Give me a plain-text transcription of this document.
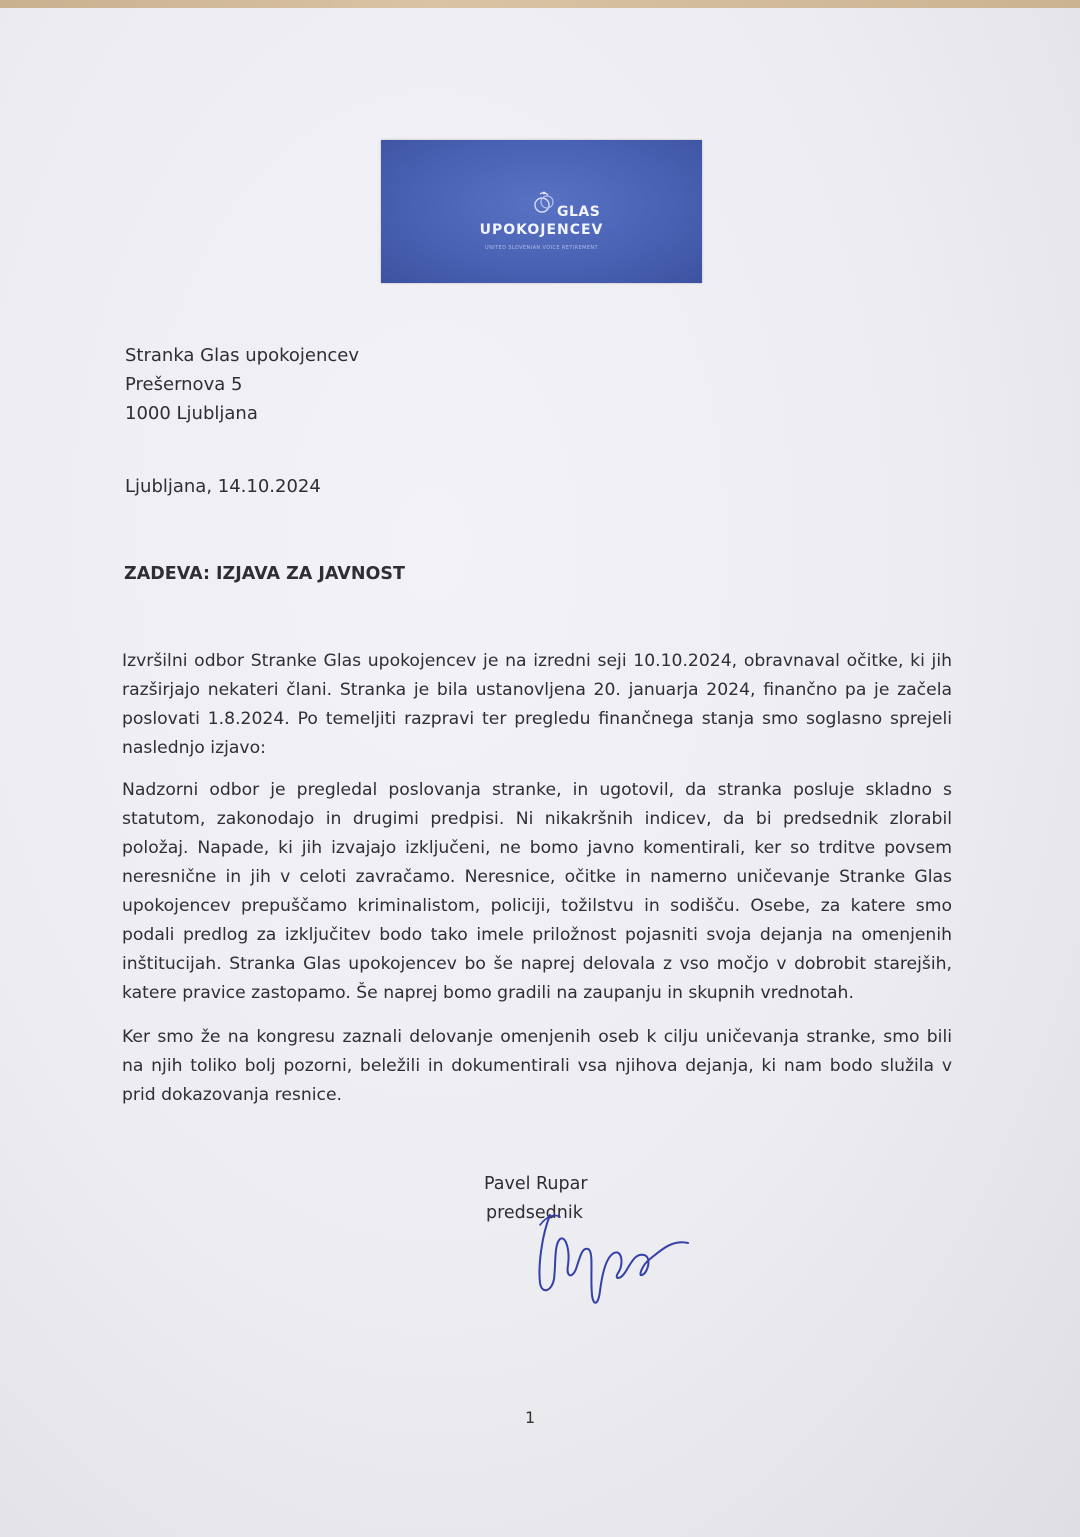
GLAS
UPOKOJENCEV
UNITED SLOVENIAN VOICE RETIREMENT
Stranka Glas upokojencev
Prešernova 5
1000 Ljubljana
Ljubljana, 14.10.2024
ZADEVA: IZJAVA ZA JAVNOST
Izvršilni odbor Stranke Glas upokojencev je na izredni seji 10.10.2024, obravnaval očitke, ki jih razširjajo nekateri člani. Stranka je bila ustanovljena 20. januarja 2024, finančno pa je začela poslovati 1.8.2024. Po temeljiti razpravi ter pregledu finančnega stanja smo soglasno sprejeli naslednjo izjavo:
Nadzorni odbor je pregledal poslovanja stranke, in ugotovil, da stranka posluje skladno s statutom, zakonodajo in drugimi predpisi. Ni nikakršnih indicev, da bi predsednik zlorabil položaj. Napade, ki jih izvajajo izključeni, ne bomo javno komentirali, ker so trditve povsem neresnične in jih v celoti zavračamo. Neresnice, očitke in namerno uničevanje Stranke Glas upokojencev prepuščamo kriminalistom, policiji, tožilstvu in sodišču. Osebe, za katere smo podali predlog za izključitev bodo tako imele priložnost pojasniti svoja dejanja na omenjenih inštitucijah. Stranka Glas upokojencev bo še naprej delovala z vso močjo v dobrobit starejših, katere pravice zastopamo. Še naprej bomo gradili na zaupanju in skupnih vrednotah.
Ker smo že na kongresu zaznali delovanje omenjenih oseb k cilju uničevanja stranke, smo bili na njih toliko bolj pozorni, beležili in dokumentirali vsa njihova dejanja, ki nam bodo služila v prid dokazovanja resnice.
Pavel Rupar
predsednik
1
